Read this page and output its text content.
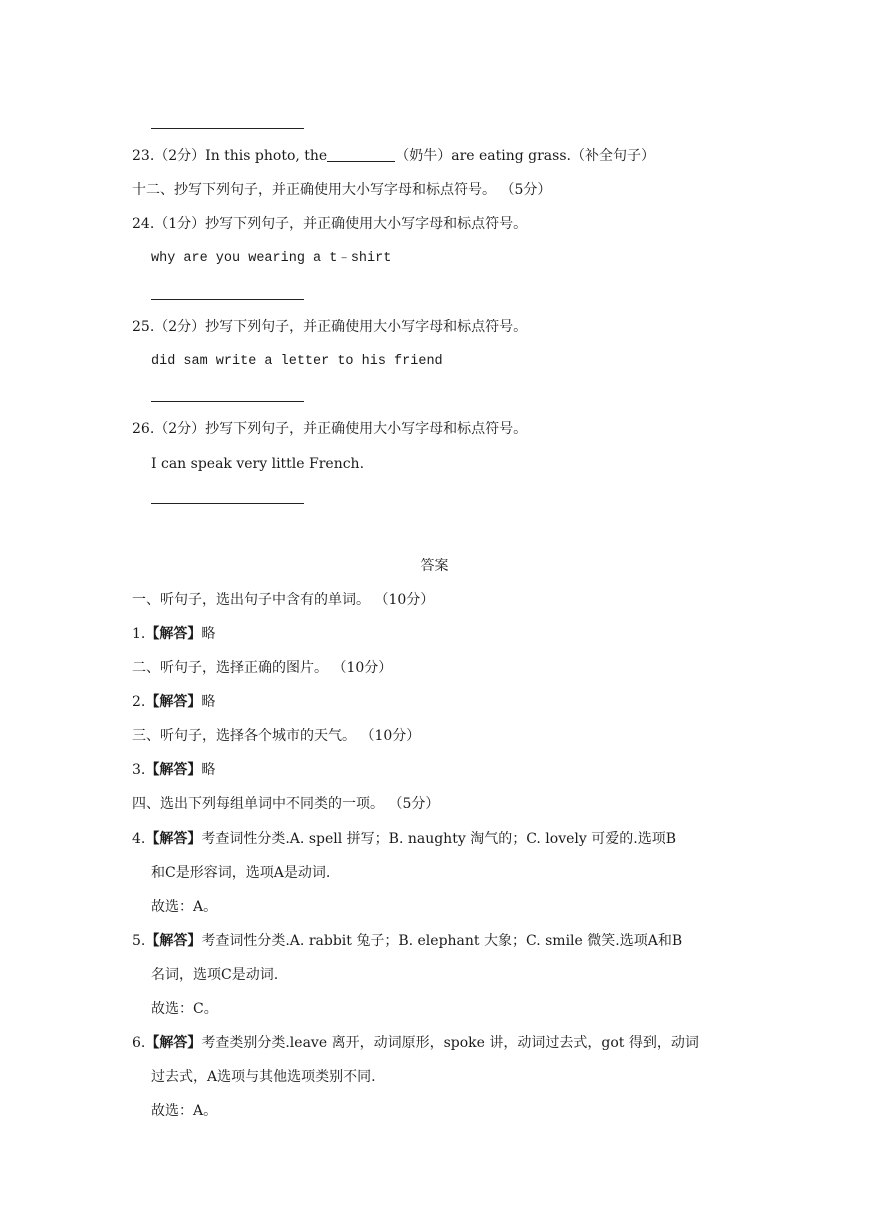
23.（2分）In this photo, the	（奶牛）are eating grass.（补全句子）
十二、抄写下列句子，并正确使用大小写字母和标点符号。 （5分）
24.（1分）抄写下列句子，并正确使用大小写字母和标点符号。
why are you wearing a t﹣shirt
25.（2分）抄写下列句子，并正确使用大小写字母和标点符号。
did sam write a letter to his friend
26.（2分）抄写下列句子，并正确使用大小写字母和标点符号。
I can speak very little French.
答案
一、听句子，选出句子中含有的单词。 （10分）
1.【解答】略
二、听句子，选择正确的图片。 （10分）
2.【解答】略
三、听句子，选择各个城市的天气。 （10分）
3.【解答】略
四、选出下列每组单词中不同类的一项。 （5分）
4.【解答】考查词性分类.A. spell 拼写；B. naughty 淘气的；C. lovely 可爱的.选项B
和C是形容词，选项A是动词.
故选：A。
5.【解答】考查词性分类.A. rabbit 兔子；B. elephant 大象；C. smile 微笑.选项A和B
名词，选项C是动词.
故选：C。
6.【解答】考查类别分类.leave 离开，动词原形，spoke 讲，动词过去式，got 得到，动词
过去式，A选项与其他选项类别不同.
故选：A。
